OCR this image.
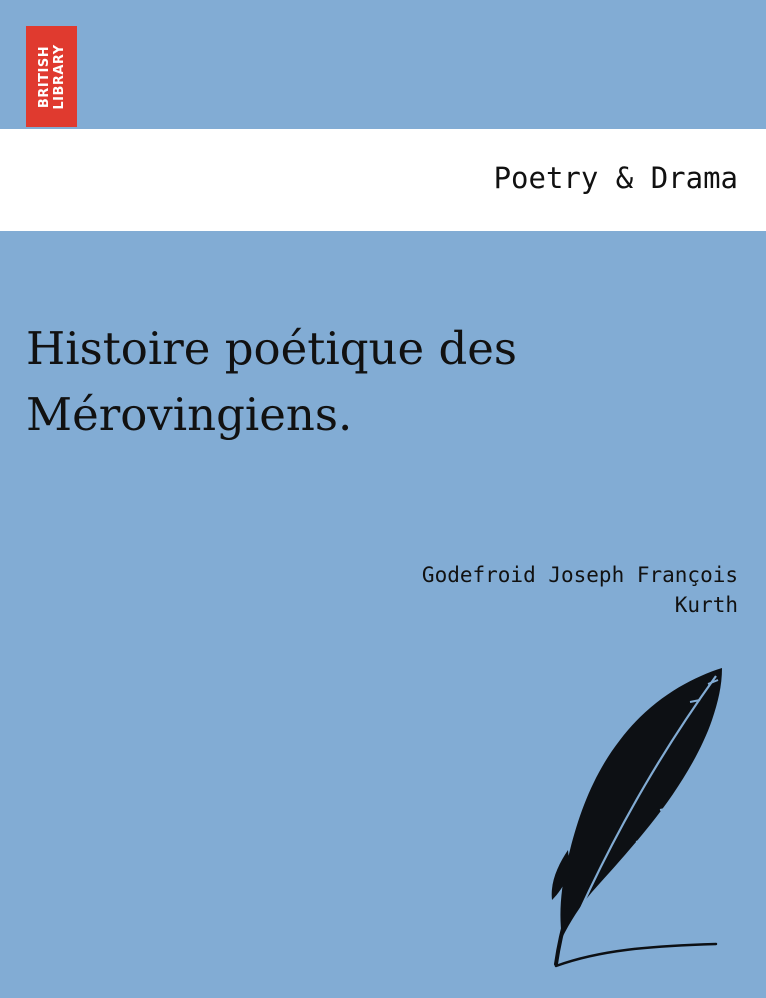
BRITISH LIBRARY
Poetry & Drama
Histoire poétique des
Mérovingiens.
Godefroid Joseph François
Kurth
